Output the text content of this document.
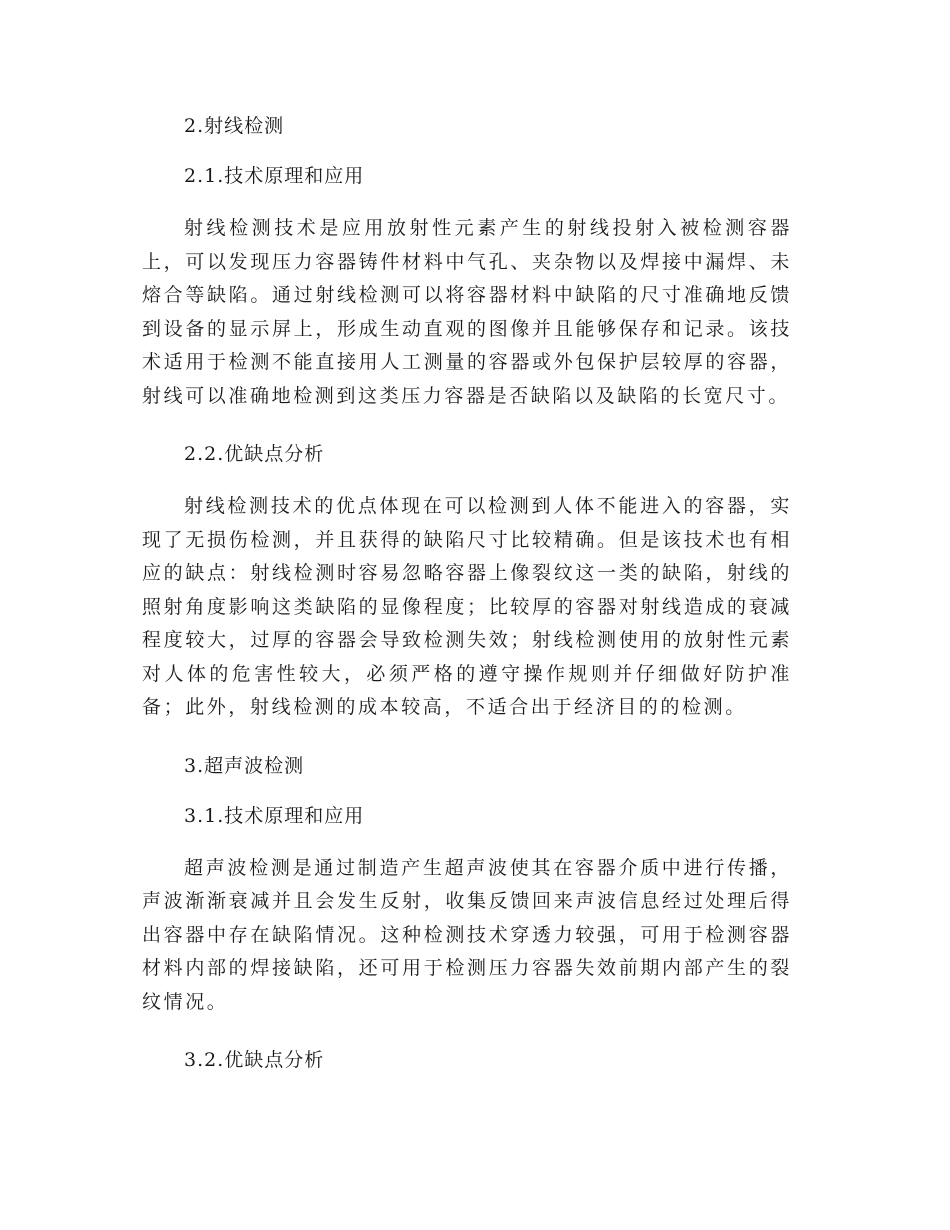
2.射线检测

2.1.技术原理和应用

射线检测技术是应用放射性元素产生的射线投射入被检测容器上，可以发现压力容器铸件材料中气孔、夹杂物以及焊接中漏焊、未熔合等缺陷。通过射线检测可以将容器材料中缺陷的尺寸准确地反馈到设备的显示屏上，形成生动直观的图像并且能够保存和记录。该技术适用于检测不能直接用人工测量的容器或外包保护层较厚的容器，射线可以准确地检测到这类压力容器是否缺陷以及缺陷的长宽尺寸。

2.2.优缺点分析

射线检测技术的优点体现在可以检测到人体不能进入的容器，实现了无损伤检测，并且获得的缺陷尺寸比较精确。但是该技术也有相应的缺点：射线检测时容易忽略容器上像裂纹这一类的缺陷，射线的照射角度影响这类缺陷的显像程度；比较厚的容器对射线造成的衰减程度较大，过厚的容器会导致检测失效；射线检测使用的放射性元素对人体的危害性较大，必须严格的遵守操作规则并仔细做好防护准备；此外，射线检测的成本较高，不适合出于经济目的的检测。

3.超声波检测

3.1.技术原理和应用

超声波检测是通过制造产生超声波使其在容器介质中进行传播，声波渐渐衰减并且会发生反射，收集反馈回来声波信息经过处理后得出容器中存在缺陷情况。这种检测技术穿透力较强，可用于检测容器材料内部的焊接缺陷，还可用于检测压力容器失效前期内部产生的裂纹情况。

3.2.优缺点分析
